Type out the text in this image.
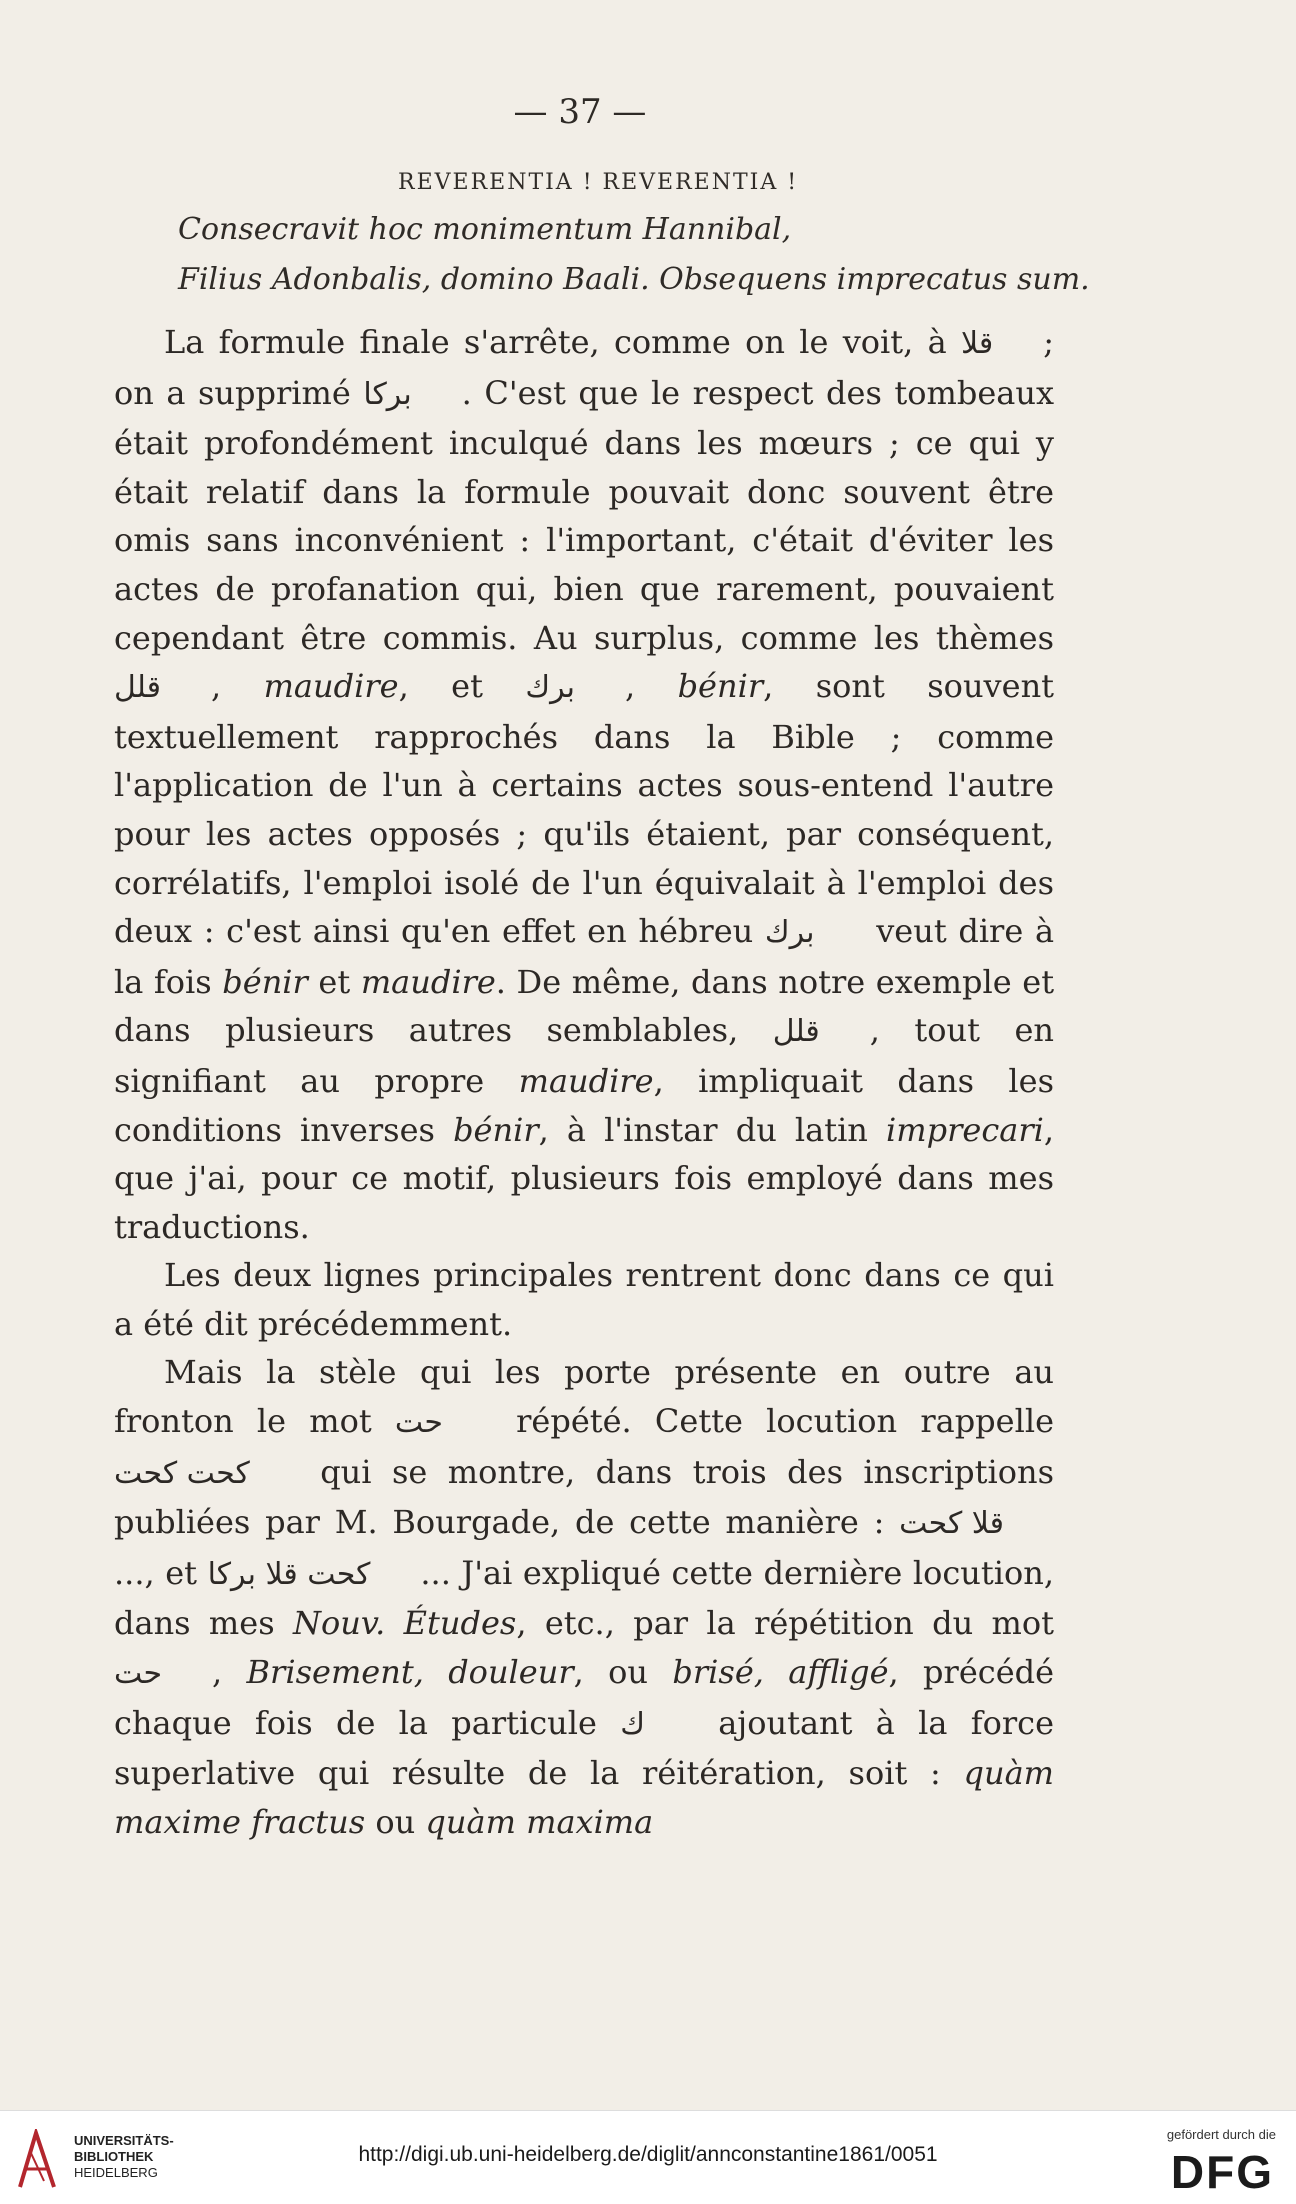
— 37 —
REVERENTIA ! REVERENTIA !
Consecravit hoc monimentum Hannibal,
Filius Adonbalis, domino Baali. Obsequens imprecatus sum.

La formule finale s'arrête, comme on le voit, à قلا ; on a supprimé بركا . C'est que le respect des tombeaux était profondément inculqué dans les mœurs ; ce qui y était relatif dans la formule pouvait donc souvent être omis sans inconvénient : l'important, c'était d'éviter les actes de profanation qui, bien que rarement, pouvaient cependant être commis. Au surplus, comme les thèmes قلل , maudire, et برك , bénir, sont souvent textuellement rapprochés dans la Bible ; comme l'application de l'un à certains actes sous-entend l'autre pour les actes opposés ; qu'ils étaient, par conséquent, corrélatifs, l'emploi isolé de l'un équivalait à l'emploi des deux : c'est ainsi qu'en effet en hébreu برك veut dire à la fois bénir et maudire. De même, dans notre exemple et dans plusieurs autres semblables, قلل , tout en signifiant au propre maudire, impliquait dans les conditions inverses bénir, à l'instar du latin imprecari, que j'ai, pour ce motif, plusieurs fois employé dans mes traductions.

Les deux lignes principales rentrent donc dans ce qui a été dit précédemment.

Mais la stèle qui les porte présente en outre au fronton le mot حت répété. Cette locution rappelle كحت كحت qui se montre, dans trois des inscriptions publiées par M. Bourgade, de cette manière : قلا كحت..., et كحت قلا بركا ... J'ai expliqué cette dernière locution, dans mes Nouv. Études, etc., par la répétition du mot حت , Brisement, douleur, ou brisé, affligé, précédé chaque fois de la particule ك ajoutant à la force superlative qui résulte de la réitération, soit : quàm maxime fractus ou quàm maxima

UNIVERSITÄTS-
BIBLIOTHEK
HEIDELBERG
http://digi.ub.uni-heidelberg.de/diglit/annconstantine1861/0051
gefördert durch die
DFG
